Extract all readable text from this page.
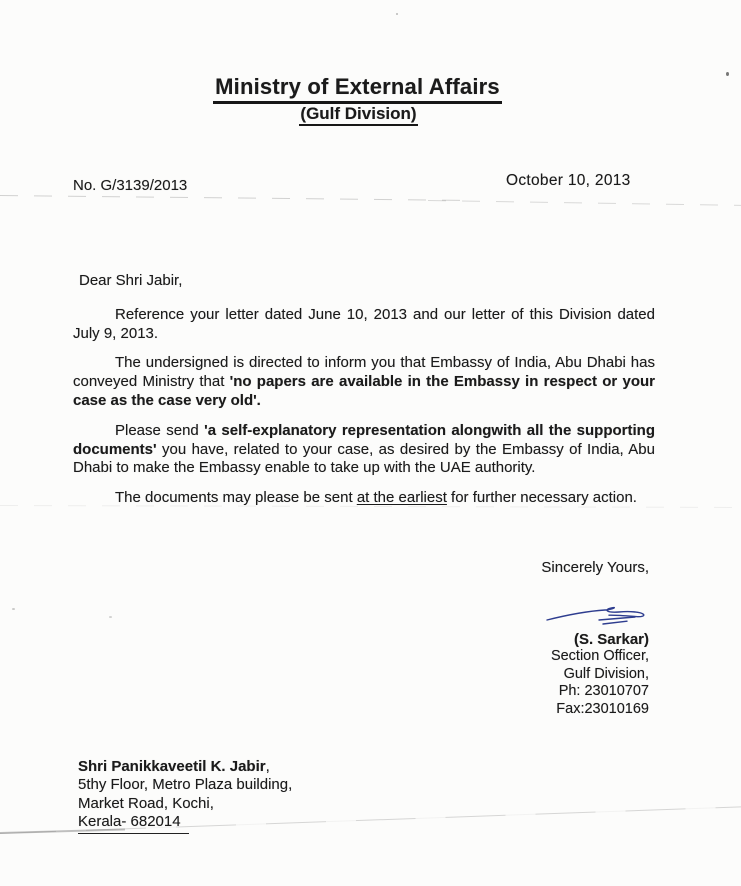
Ministry of External Affairs
(Gulf Division)
No. G/3139/2013	October 10, 2013
Dear Shri Jabir,

Reference your letter dated June 10, 2013 and our letter of this Division dated July 9, 2013.

The undersigned is directed to inform you that Embassy of India, Abu Dhabi has conveyed Ministry that 'no papers are available in the Embassy in respect or your case as the case very old'.

Please send 'a self-explanatory representation alongwith all the supporting documents' you have, related to your case, as desired by the Embassy of India, Abu Dhabi to make the Embassy enable to take up with the UAE authority.

The documents may please be sent at the earliest for further necessary action.

Sincerely Yours,
(S. Sarkar)
Section Officer,
Gulf Division,
Ph: 23010707
Fax:23010169
Shri Panikkaveetil K. Jabir,
5thy Floor, Metro Plaza building,
Market Road, Kochi,
Kerala- 682014
